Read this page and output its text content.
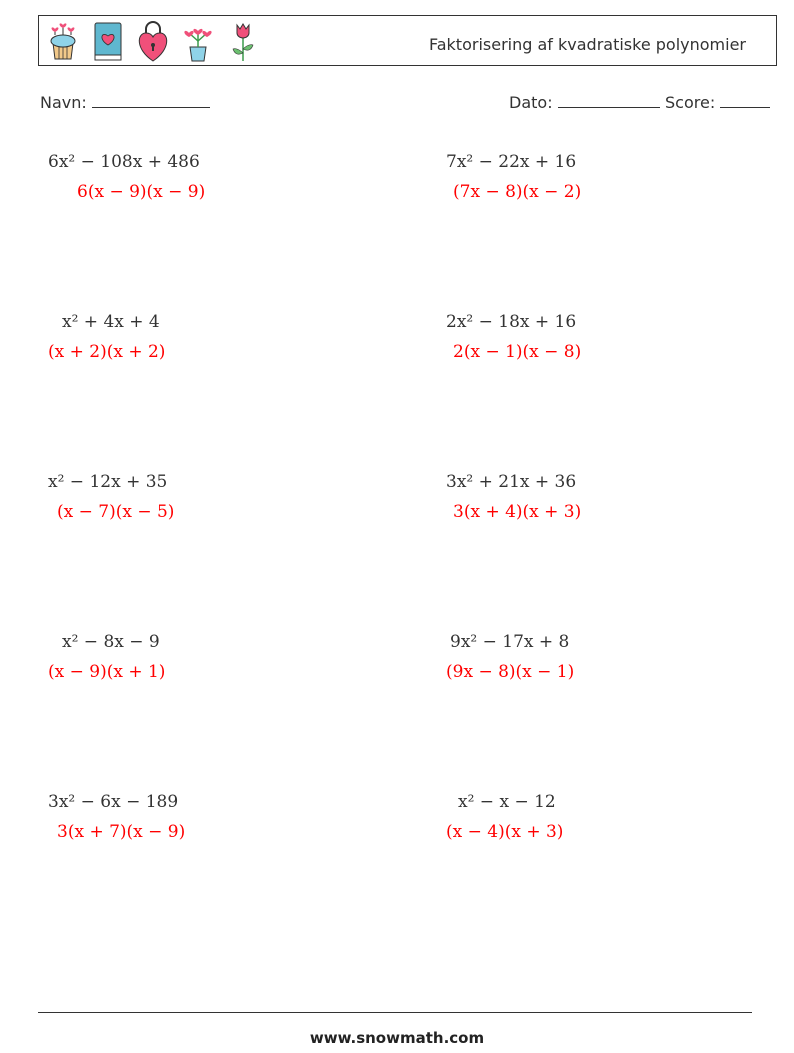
Faktorisering af kvadratiske polynomier
Navn:	Dato:	Score:
6x² − 108x + 486
6(x − 9)(x − 9)
7x² − 22x + 16
(7x − 8)(x − 2)
x² + 4x + 4
(x + 2)(x + 2)
2x² − 18x + 16
2(x − 1)(x − 8)
x² − 12x + 35
(x − 7)(x − 5)
3x² + 21x + 36
3(x + 4)(x + 3)
x² − 8x − 9
(x − 9)(x + 1)
9x² − 17x + 8
(9x − 8)(x − 1)
3x² − 6x − 189
3(x + 7)(x − 9)
x² − x − 12
(x − 4)(x + 3)
www.snowmath.com
